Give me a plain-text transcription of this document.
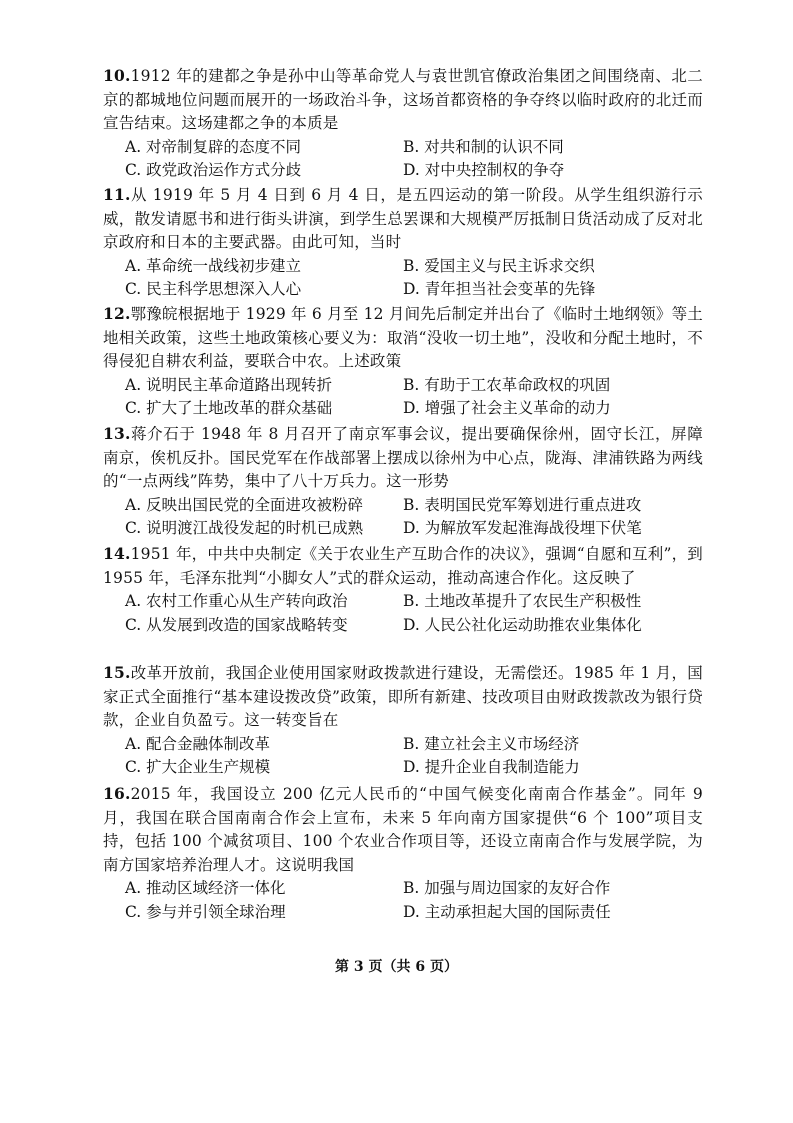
10.1912 年的建都之争是孙中山等革命党人与袁世凯官僚政治集团之间围绕南、北二京的都城地位问题而展开的一场政治斗争，这场首都资格的争夺终以临时政府的北迁而宣告结束。这场建都之争的本质是
A. 对帝制复辟的态度不同	B. 对共和制的认识不同
C. 政党政治运作方式分歧	D. 对中央控制权的争夺
11.从 1919 年 5 月 4 日到 6 月 4 日，是五四运动的第一阶段。从学生组织游行示威，散发请愿书和进行街头讲演，到学生总罢课和大规模严厉抵制日货活动成了反对北京政府和日本的主要武器。由此可知，当时
A. 革命统一战线初步建立	B. 爱国主义与民主诉求交织
C. 民主科学思想深入人心	D. 青年担当社会变革的先锋
12.鄂豫皖根据地于 1929 年 6 月至 12 月间先后制定并出台了《临时土地纲领》等土地相关政策，这些土地政策核心要义为：取消“没收一切土地”，没收和分配土地时，不得侵犯自耕农利益，要联合中农。上述政策
A. 说明民主革命道路出现转折	B. 有助于工农革命政权的巩固
C. 扩大了土地改革的群众基础	D. 增强了社会主义革命的动力
13.蒋介石于 1948 年 8 月召开了南京军事会议，提出要确保徐州，固守长江，屏障南京，俟机反扑。国民党军在作战部署上摆成以徐州为中心点，陇海、津浦铁路为两线的“一点两线”阵势，集中了八十万兵力。这一形势
A. 反映出国民党的全面进攻被粉碎	B. 表明国民党军筹划进行重点进攻
C. 说明渡江战役发起的时机已成熟	D. 为解放军发起淮海战役埋下伏笔
14.1951 年，中共中央制定《关于农业生产互助合作的决议》，强调“自愿和互利”，到 1955 年，毛泽东批判“小脚女人”式的群众运动，推动高速合作化。这反映了
A. 农村工作重心从生产转向政治	B. 土地改革提升了农民生产积极性
C. 从发展到改造的国家战略转变	D. 人民公社化运动助推农业集体化
15.改革开放前，我国企业使用国家财政拨款进行建设，无需偿还。1985 年 1 月，国家正式全面推行“基本建设拨改贷”政策，即所有新建、技改项目由财政拨款改为银行贷款，企业自负盈亏。这一转变旨在
A. 配合金融体制改革	B. 建立社会主义市场经济
C. 扩大企业生产规模	D. 提升企业自我制造能力
16.2015 年，我国设立 200 亿元人民币的“中国气候变化南南合作基金”。同年 9 月，我国在联合国南南合作会上宣布，未来 5 年向南方国家提供“6 个 100”项目支持，包括 100 个减贫项目、100 个农业合作项目等，还设立南南合作与发展学院，为南方国家培养治理人才。这说明我国
A. 推动区域经济一体化	B. 加强与周边国家的友好合作
C. 参与并引领全球治理	D. 主动承担起大国的国际责任
第 3 页（共 6 页）
